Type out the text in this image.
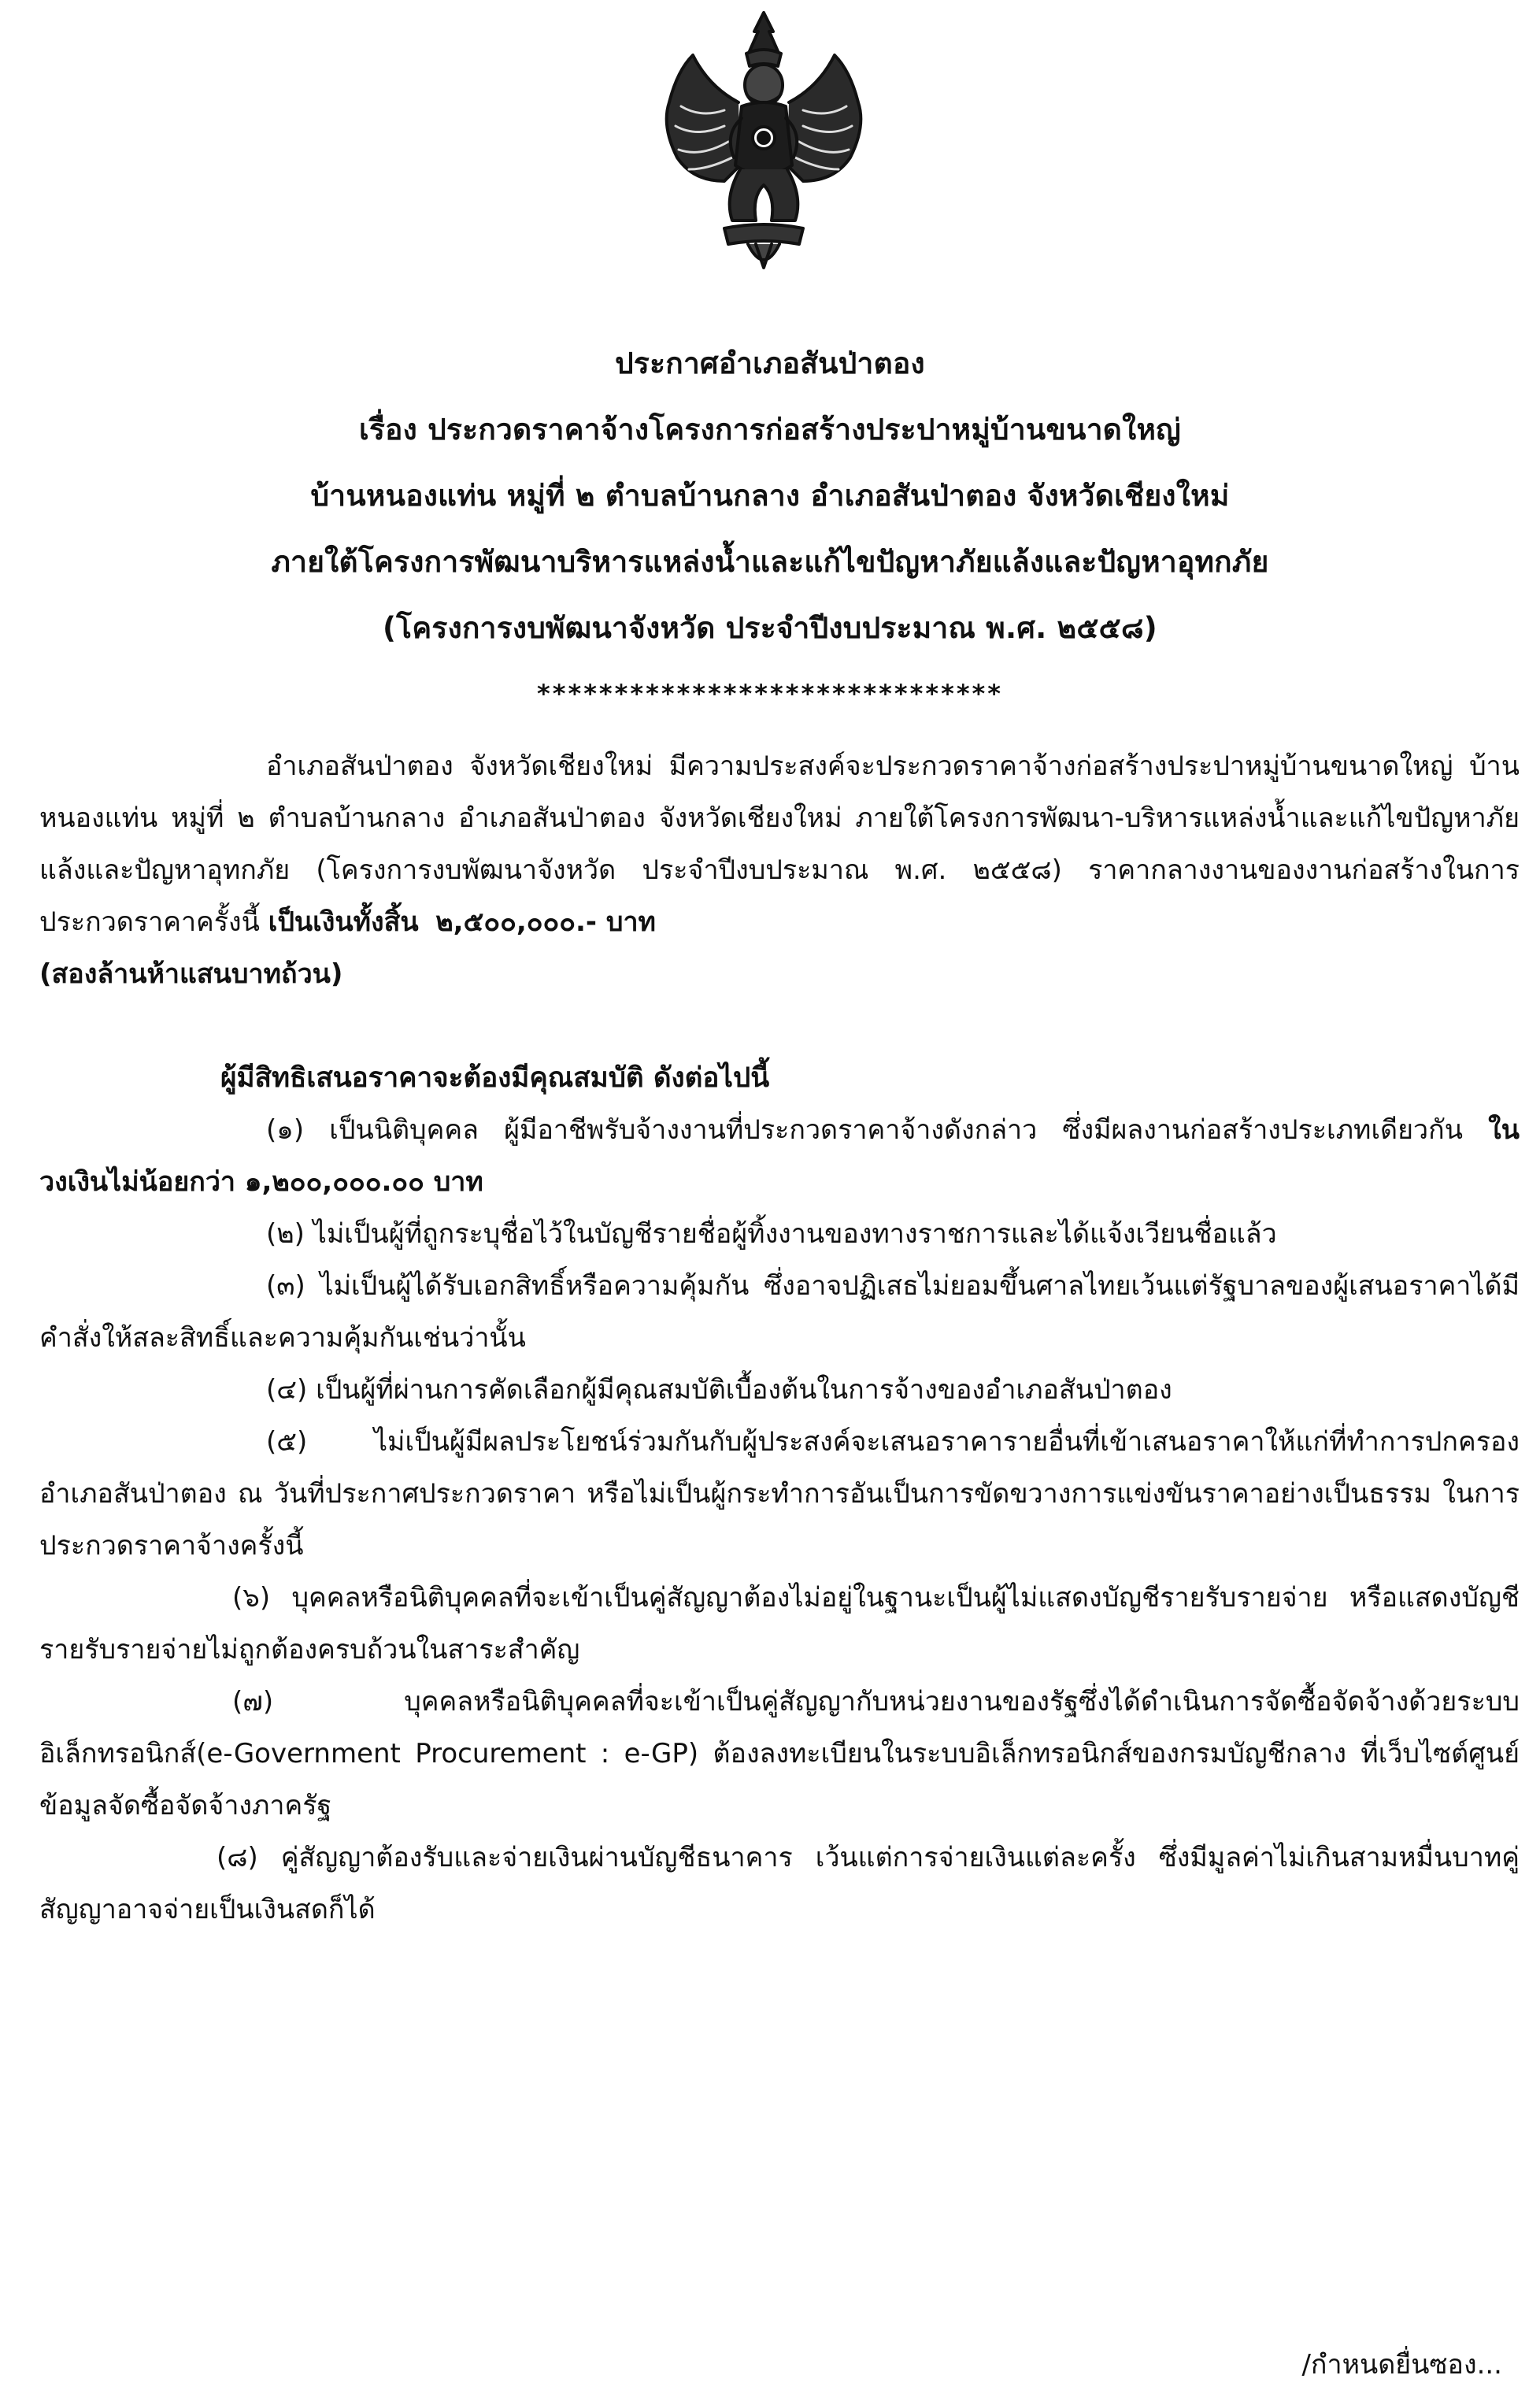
ประกาศอำเภอสันป่าตอง
เรื่อง ประกวดราคาจ้างโครงการก่อสร้างประปาหมู่บ้านขนาดใหญ่
บ้านหนองแท่น หมู่ที่ ๒ ตำบลบ้านกลาง อำเภอสันป่าตอง จังหวัดเชียงใหม่
ภายใต้โครงการพัฒนาบริหารแหล่งน้ำและแก้ไขปัญหาภัยแล้งและปัญหาอุทกภัย
(โครงการงบพัฒนาจังหวัด ประจำปีงบประมาณ พ.ศ. ๒๕๕๘)
******************************

อำเภอสันป่าตอง จังหวัดเชียงใหม่ มีความประสงค์จะประกวดราคาจ้างก่อสร้างประปาหมู่บ้านขนาดใหญ่ บ้านหนองแท่น หมู่ที่ ๒ ตำบลบ้านกลาง อำเภอสันป่าตอง จังหวัดเชียงใหม่ ภายใต้โครงการพัฒนา-บริหารแหล่งน้ำและแก้ไขปัญหาภัยแล้งและปัญหาอุทกภัย (โครงการงบพัฒนาจังหวัด ประจำปีงบประมาณ พ.ศ. ๒๕๕๘) ราคากลางงานของงานก่อสร้างในการประกวดราคาครั้งนี้ เป็นเงินทั้งสิ้น ๒,๕๐๐,๐๐๐.- บาท
(สองล้านห้าแสนบาทถ้วน)

ผู้มีสิทธิเสนอราคาจะต้องมีคุณสมบัติ ดังต่อไปนี้

(๑) เป็นนิติบุคคล ผู้มีอาชีพรับจ้างงานที่ประกวดราคาจ้างดังกล่าว ซึ่งมีผลงานก่อสร้างประเภทเดียวกัน ในวงเงินไม่น้อยกว่า ๑,๒๐๐,๐๐๐.๐๐ บาท

(๒) ไม่เป็นผู้ที่ถูกระบุชื่อไว้ในบัญชีรายชื่อผู้ทิ้งงานของทางราชการและได้แจ้งเวียนชื่อแล้ว

(๓) ไม่เป็นผู้ได้รับเอกสิทธิ์หรือความคุ้มกัน ซึ่งอาจปฏิเสธไม่ยอมขึ้นศาลไทยเว้นแต่รัฐบาลของผู้เสนอราคาได้มีคำสั่งให้สละสิทธิ์และความคุ้มกันเช่นว่านั้น

(๔) เป็นผู้ที่ผ่านการคัดเลือกผู้มีคุณสมบัติเบื้องต้นในการจ้างของอำเภอสันป่าตอง

(๕) ไม่เป็นผู้มีผลประโยชน์ร่วมกันกับผู้ประสงค์จะเสนอราคารายอื่นที่เข้าเสนอราคาให้แก่ที่ทำการปกครองอำเภอสันป่าตอง ณ วันที่ประกาศประกวดราคา หรือไม่เป็นผู้กระทำการอันเป็นการขัดขวางการแข่งขันราคาอย่างเป็นธรรม ในการประกวดราคาจ้างครั้งนี้

(๖) บุคคลหรือนิติบุคคลที่จะเข้าเป็นคู่สัญญาต้องไม่อยู่ในฐานะเป็นผู้ไม่แสดงบัญชีรายรับรายจ่าย หรือแสดงบัญชีรายรับรายจ่ายไม่ถูกต้องครบถ้วนในสาระสำคัญ

(๗) บุคคลหรือนิติบุคคลที่จะเข้าเป็นคู่สัญญากับหน่วยงานของรัฐซึ่งได้ดำเนินการจัดซื้อจัดจ้างด้วยระบบอิเล็กทรอนิกส์(e-Government Procurement : e-GP) ต้องลงทะเบียนในระบบอิเล็กทรอนิกส์ของกรมบัญชีกลาง ที่เว็บไซต์ศูนย์ข้อมูลจัดซื้อจัดจ้างภาครัฐ

(๘) คู่สัญญาต้องรับและจ่ายเงินผ่านบัญชีธนาคาร เว้นแต่การจ่ายเงินแต่ละครั้ง ซึ่งมีมูลค่าไม่เกินสามหมื่นบาทคู่สัญญาอาจจ่ายเป็นเงินสดก็ได้

/กำหนดยื่นซอง...
